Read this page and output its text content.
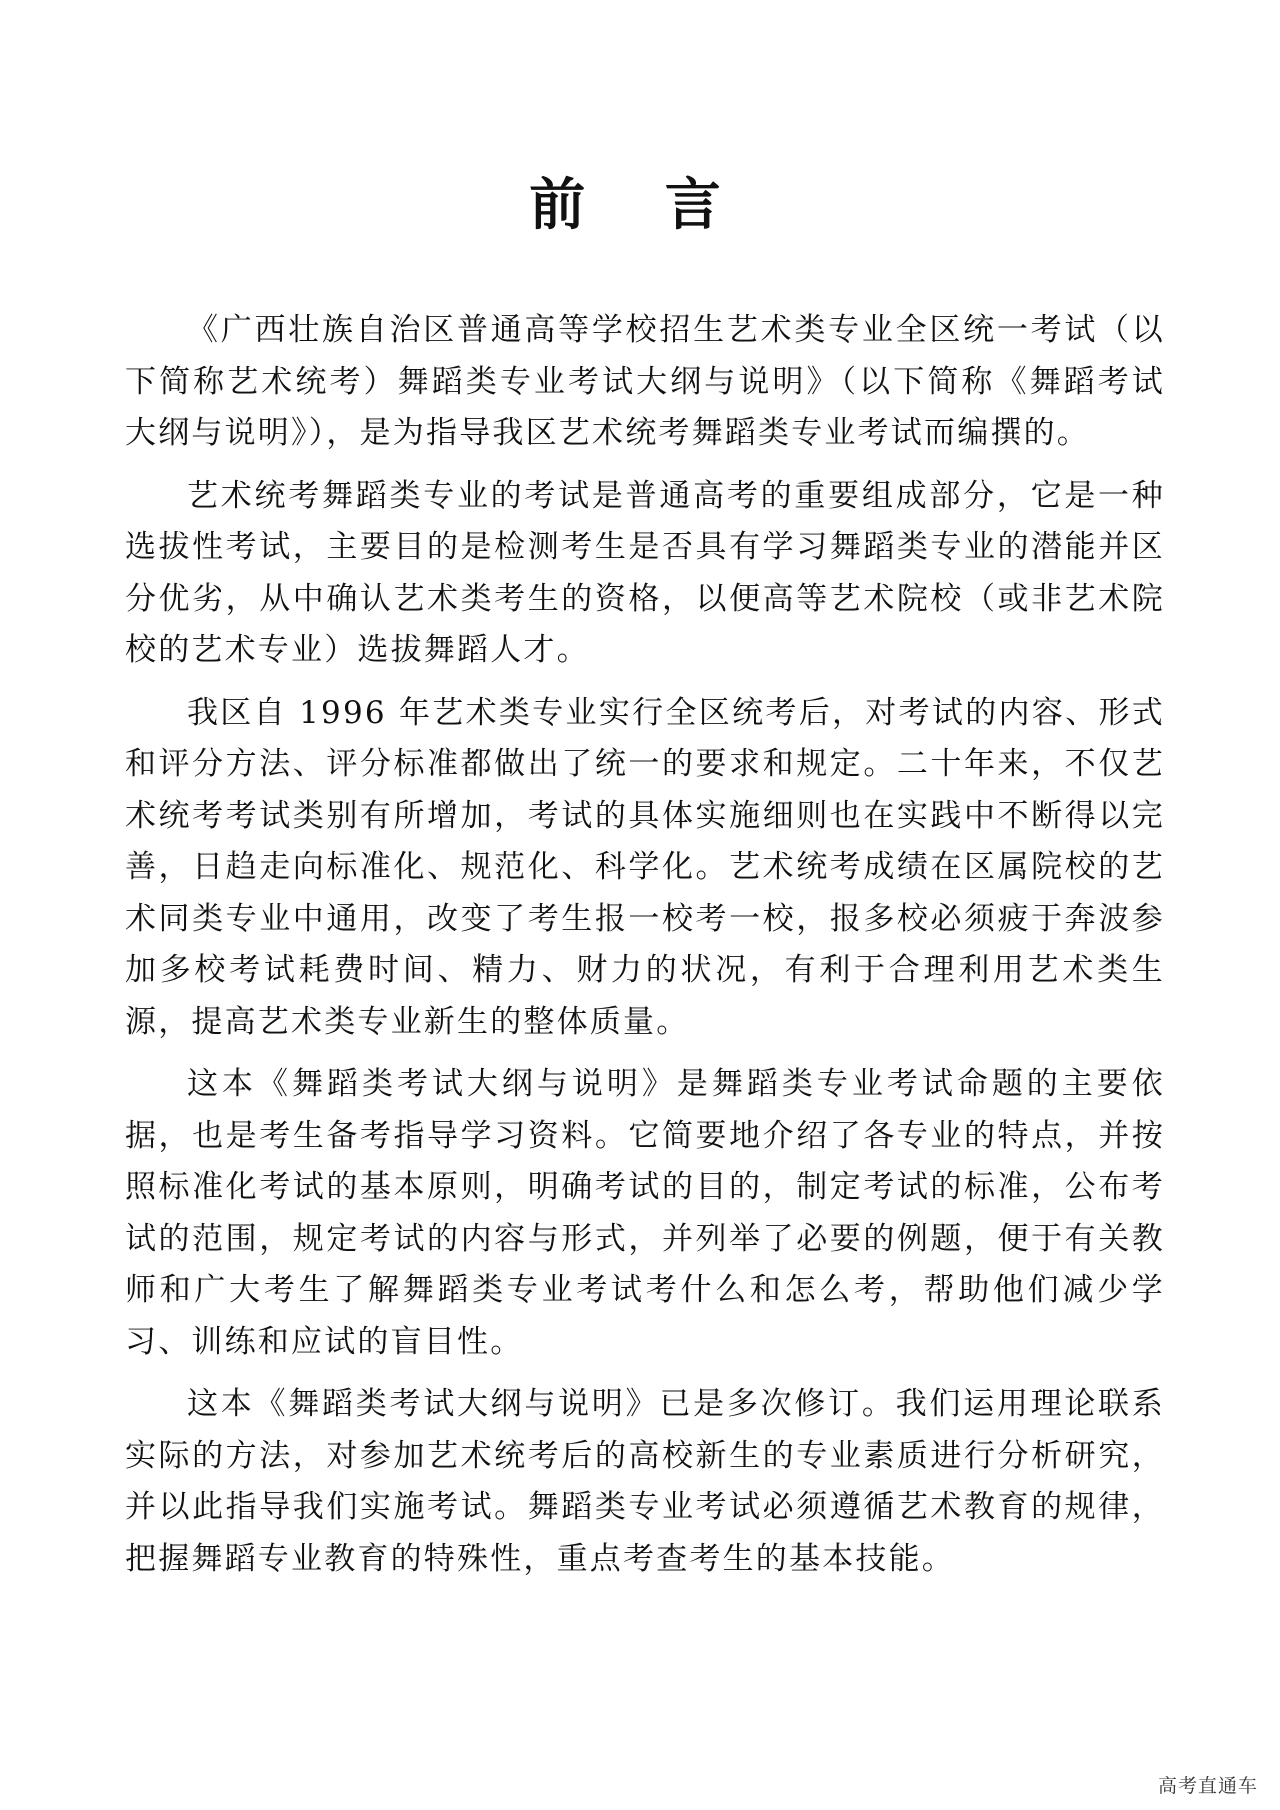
前 言

《广西壮族自治区普通高等学校招生艺术类专业全区统一考试（以下简称艺术统考）舞蹈类专业考试大纲与说明》（以下简称《舞蹈考试大纲与说明》），是为指导我区艺术统考舞蹈类专业考试而编撰的。

艺术统考舞蹈类专业的考试是普通高考的重要组成部分，它是一种选拔性考试，主要目的是检测考生是否具有学习舞蹈类专业的潜能并区分优劣，从中确认艺术类考生的资格，以便高等艺术院校（或非艺术院校的艺术专业）选拔舞蹈人才。

我区自 1996 年艺术类专业实行全区统考后，对考试的内容、形式和评分方法、评分标准都做出了统一的要求和规定。二十年来，不仅艺术统考考试类别有所增加，考试的具体实施细则也在实践中不断得以完善，日趋走向标准化、规范化、科学化。艺术统考成绩在区属院校的艺术同类专业中通用，改变了考生报一校考一校，报多校必须疲于奔波参加多校考试耗费时间、精力、财力的状况，有利于合理利用艺术类生源，提高艺术类专业新生的整体质量。

这本《舞蹈类考试大纲与说明》是舞蹈类专业考试命题的主要依据，也是考生备考指导学习资料。它简要地介绍了各专业的特点，并按照标准化考试的基本原则，明确考试的目的，制定考试的标准，公布考试的范围，规定考试的内容与形式，并列举了必要的例题，便于有关教师和广大考生了解舞蹈类专业考试考什么和怎么考，帮助他们减少学习、训练和应试的盲目性。

这本《舞蹈类考试大纲与说明》已是多次修订。我们运用理论联系实际的方法，对参加艺术统考后的高校新生的专业素质进行分析研究，并以此指导我们实施考试。舞蹈类专业考试必须遵循艺术教育的规律，把握舞蹈专业教育的特殊性，重点考查考生的基本技能。

高考直通车
